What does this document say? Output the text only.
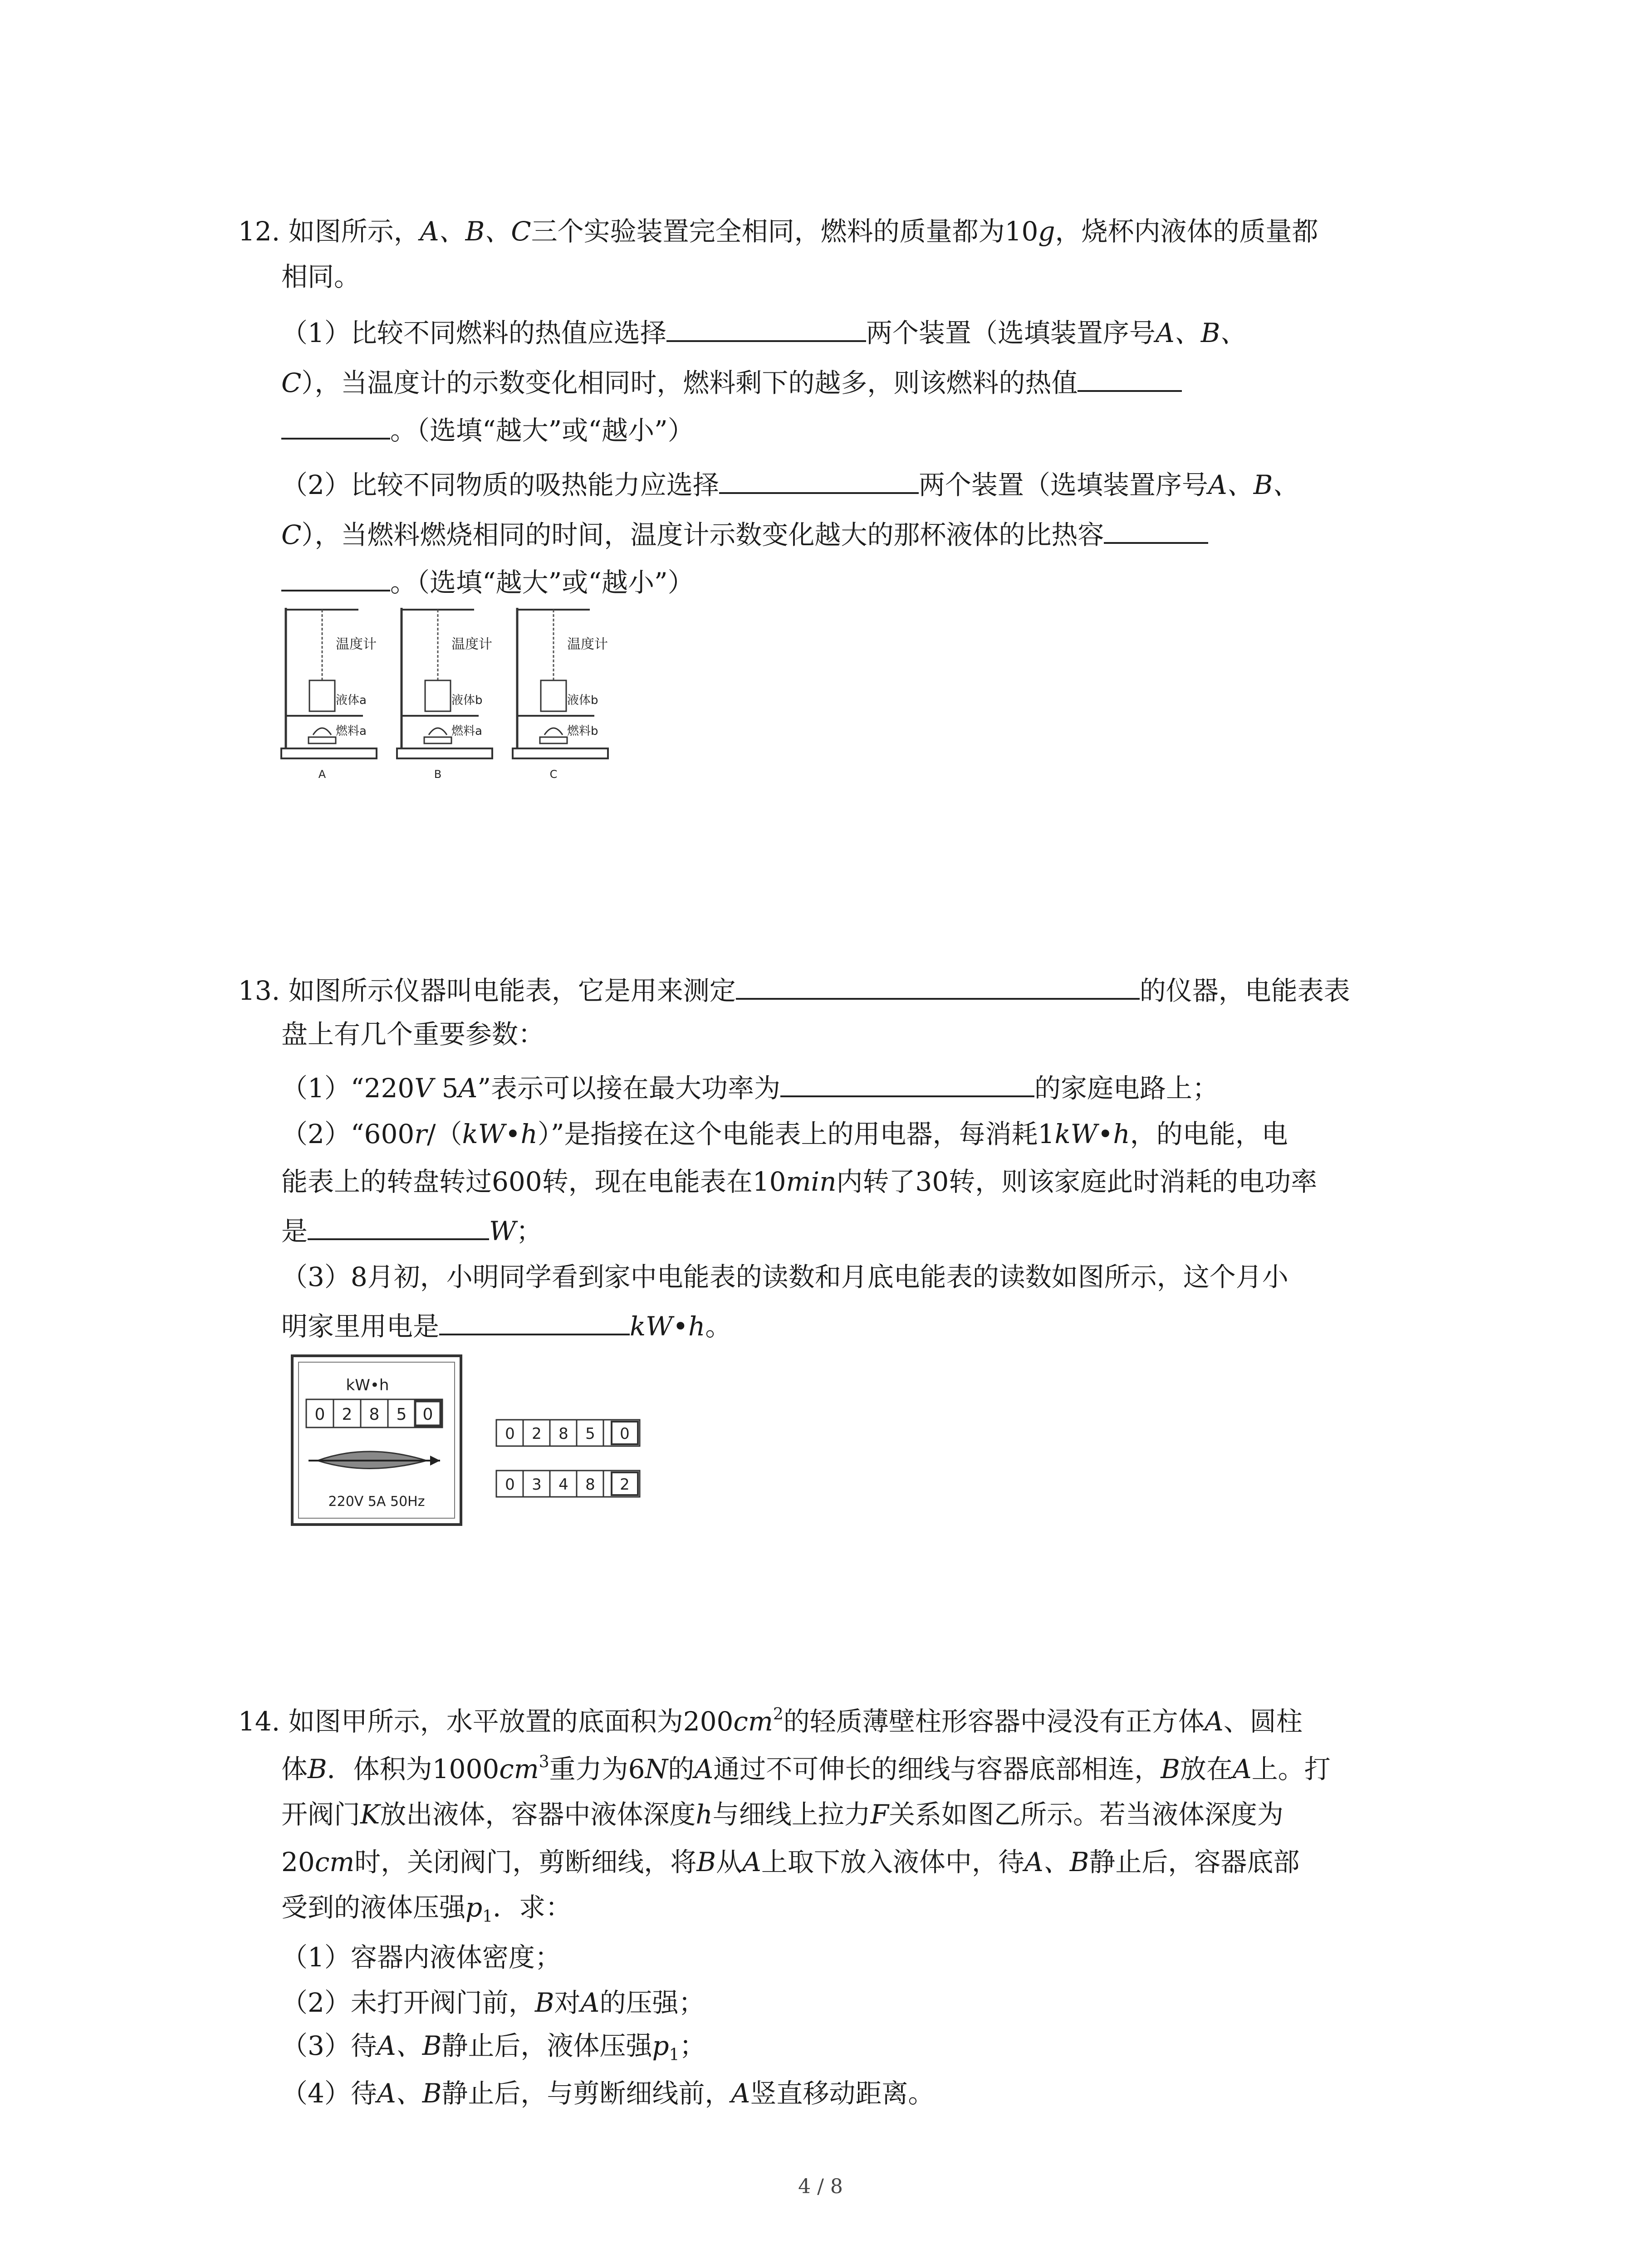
12. 如图所示，A、B、C三个实验装置完全相同，燃料的质量都为10g，烧杯内液体的质量都
相同。
（1）比较不同燃料的热值应选择	两个装置（选填装置序号A、B、
C），当温度计的示数变化相同时，燃料剩下的越多，则该燃料的热值
。（选填“越大”或“越小”）
（2）比较不同物质的吸热能力应选择	两个装置（选填装置序号A、B、
C），当燃料燃烧相同的时间，温度计示数变化越大的那杯液体的比热容
。（选填“越大”或“越小”）
温度计
液体a
燃料a
A
温度计
液体b
燃料a
B
温度计
液体b
燃料b
C
13. 如图所示仪器叫电能表，它是用来测定	的仪器，电能表表
盘上有几个重要参数：
（1）“220V 5A”表示可以接在最大功率为	的家庭电路上；
（2）“600r/（kW•h）”是指接在这个电能表上的用电器，每消耗1kW•h，的电能，电
能表上的转盘转过600转，现在电能表在10min内转了30转，则该家庭此时消耗的电功率
是	W；
（3）8月初，小明同学看到家中电能表的读数和月底电能表的读数如图所示，这个月小
明家里用电是	kW•h。
kW•h
0 2 8 5 0
220V 5A 50Hz
0 2 8 5 0
0 3 4 8 2
14. 如图甲所示，水平放置的底面积为$200cm^2$的轻质薄壁柱形容器中浸没有正方体A、圆柱
体B．体积为$1000cm^3$重力为6N的A通过不可伸长的细线与容器底部相连，B放在A上。打
开阀门K放出液体，容器中液体深度h与细线上拉力F关系如图乙所示。若当液体深度为
20cm时，关闭阀门，剪断细线，将B从A上取下放入液体中，待A、B静止后，容器底部
受到的液体压强$p_1$．求：
（1）容器内液体密度；
（2）未打开阀门前，B对A的压强；
（3）待A、B静止后，液体压强$p_1$；
（4）待A、B静止后，与剪断细线前，A竖直移动距离。
4 / 8
